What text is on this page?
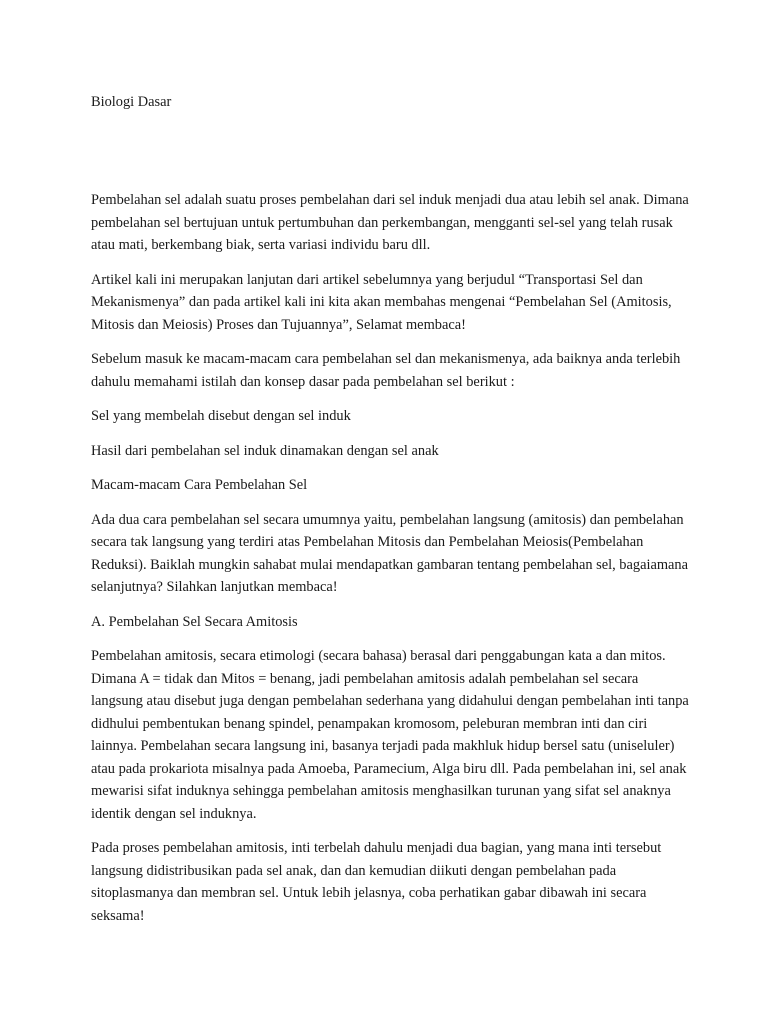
Biologi Dasar

Pembelahan sel adalah suatu proses pembelahan dari sel induk menjadi dua atau lebih sel anak. Dimana pembelahan sel bertujuan untuk pertumbuhan dan perkembangan, mengganti sel-sel yang telah rusak atau mati, berkembang biak, serta variasi individu baru dll.

Artikel kali ini merupakan lanjutan dari artikel sebelumnya yang berjudul “Transportasi Sel dan Mekanismenya” dan pada artikel kali ini kita akan membahas mengenai “Pembelahan Sel (Amitosis, Mitosis dan Meiosis) Proses dan Tujuannya”, Selamat membaca!

Sebelum masuk ke macam-macam cara pembelahan sel dan mekanismenya, ada baiknya anda terlebih dahulu memahami istilah dan konsep dasar pada pembelahan sel berikut :

Sel yang membelah disebut dengan sel induk

Hasil dari pembelahan sel induk dinamakan dengan sel anak

Macam-macam Cara Pembelahan Sel

Ada dua cara pembelahan sel secara umumnya yaitu, pembelahan langsung (amitosis) dan pembelahan secara tak langsung yang terdiri atas Pembelahan Mitosis dan Pembelahan Meiosis(Pembelahan Reduksi). Baiklah mungkin sahabat mulai mendapatkan gambaran tentang pembelahan sel, bagaiamana selanjutnya? Silahkan lanjutkan membaca!

A. Pembelahan Sel Secara Amitosis

Pembelahan amitosis, secara etimologi (secara bahasa) berasal dari penggabungan kata a dan mitos. Dimana A = tidak dan Mitos = benang, jadi pembelahan amitosis adalah pembelahan sel secara langsung atau disebut juga dengan pembelahan sederhana yang didahului dengan pembelahan inti tanpa didhului pembentukan benang spindel, penampakan kromosom, peleburan membran inti dan ciri lainnya. Pembelahan secara langsung ini, basanya terjadi pada makhluk hidup bersel satu (uniseluler) atau pada prokariota misalnya pada Amoeba, Paramecium, Alga biru dll. Pada pembelahan ini, sel anak mewarisi sifat induknya sehingga pembelahan amitosis menghasilkan turunan yang sifat sel anaknya identik dengan sel induknya.

Pada proses pembelahan amitosis, inti terbelah dahulu menjadi dua bagian, yang mana inti tersebut langsung didistribusikan pada sel anak, dan dan kemudian diikuti dengan pembelahan pada sitoplasmanya dan membran sel. Untuk lebih jelasnya, coba perhatikan gabar dibawah ini secara seksama!
